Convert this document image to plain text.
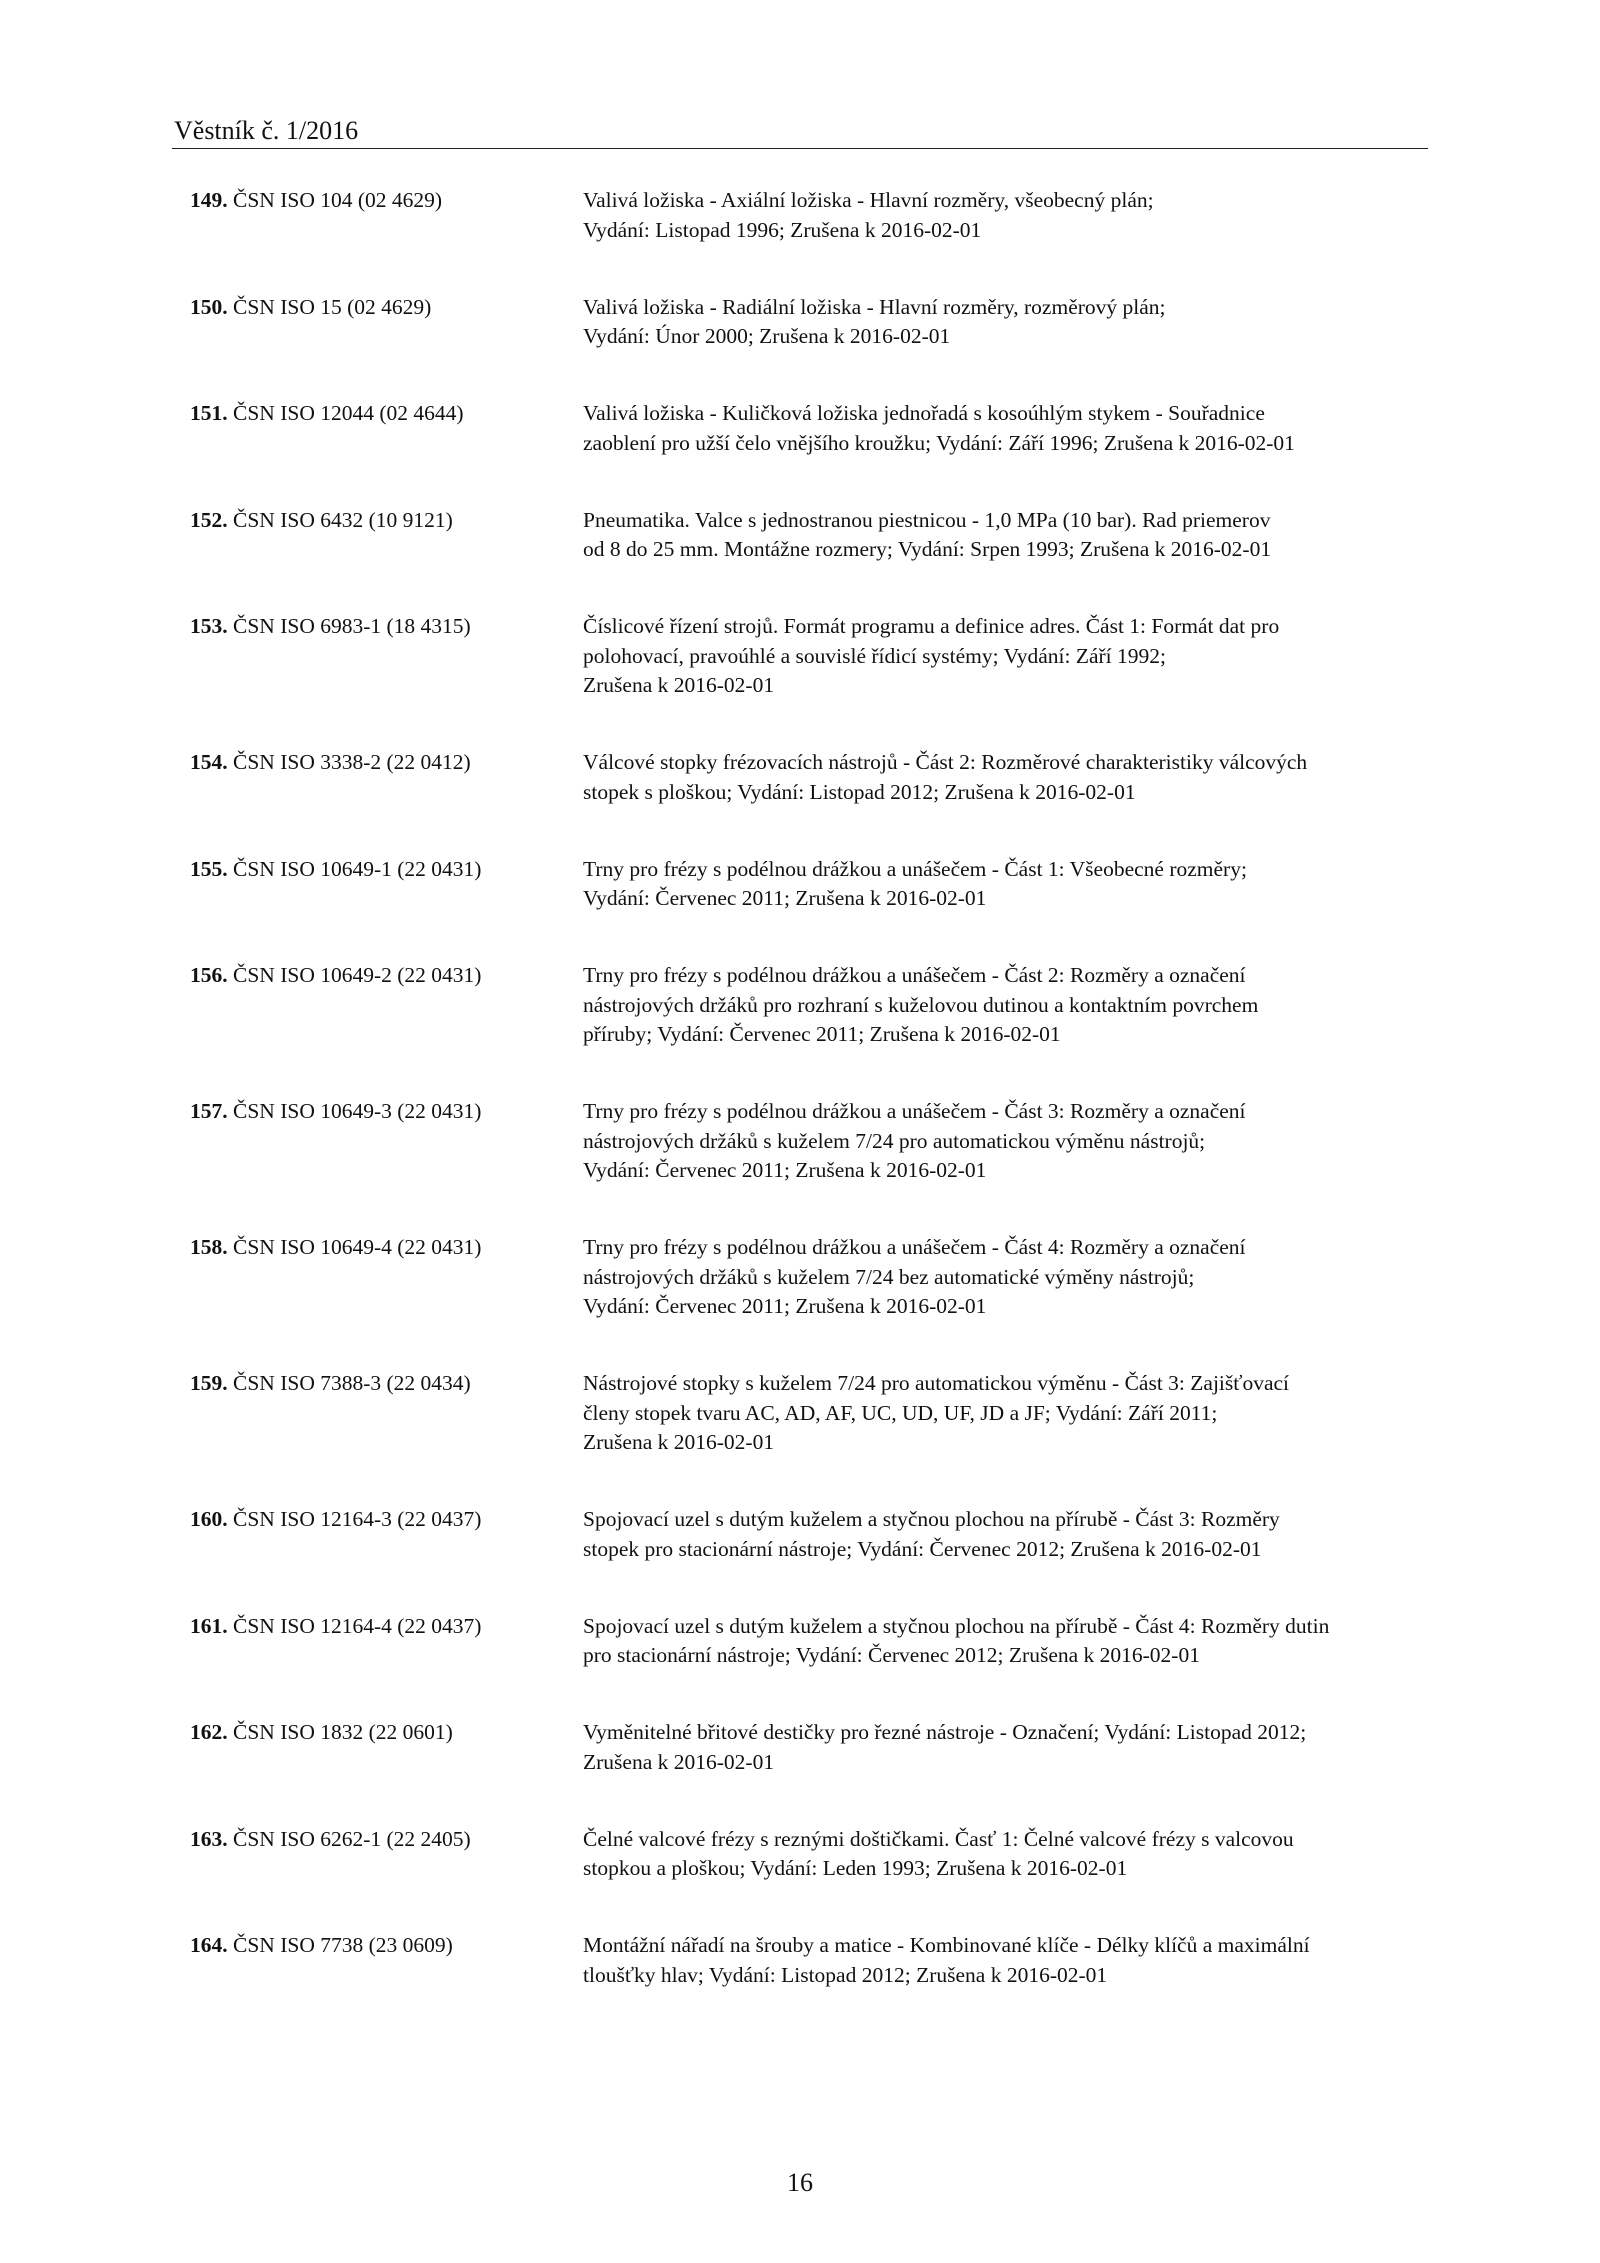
Věstník č. 1/2016
149. ČSN ISO 104 (02 4629)	Valivá ložiska - Axiální ložiska - Hlavní rozměry, všeobecný plán;
Vydání: Listopad 1996; Zrušena k 2016-02-01
150. ČSN ISO 15 (02 4629)	Valivá ložiska - Radiální ložiska - Hlavní rozměry, rozměrový plán;
Vydání: Únor 2000; Zrušena k 2016-02-01
151. ČSN ISO 12044 (02 4644)	Valivá ložiska - Kuličková ložiska jednořadá s kosoúhlým stykem - Souřadnice
zaoblení pro užší čelo vnějšího kroužku; Vydání: Září 1996; Zrušena k 2016-02-01
152. ČSN ISO 6432 (10 9121)	Pneumatika. Valce s jednostranou piestnicou - 1,0 MPa (10 bar). Rad priemerov
od 8 do 25 mm. Montážne rozmery; Vydání: Srpen 1993; Zrušena k 2016-02-01
153. ČSN ISO 6983-1 (18 4315)	Číslicové řízení strojů. Formát programu a definice adres. Část 1: Formát dat pro
polohovací, pravoúhlé a souvislé řídicí systémy; Vydání: Září 1992;
Zrušena k 2016-02-01
154. ČSN ISO 3338-2 (22 0412)	Válcové stopky frézovacích nástrojů - Část 2: Rozměrové charakteristiky válcových
stopek s ploškou; Vydání: Listopad 2012; Zrušena k 2016-02-01
155. ČSN ISO 10649-1 (22 0431)	Trny pro frézy s podélnou drážkou a unášečem - Část 1: Všeobecné rozměry;
Vydání: Červenec 2011; Zrušena k 2016-02-01
156. ČSN ISO 10649-2 (22 0431)	Trny pro frézy s podélnou drážkou a unášečem - Část 2: Rozměry a označení
nástrojových držáků pro rozhraní s kuželovou dutinou a kontaktním povrchem
příruby; Vydání: Červenec 2011; Zrušena k 2016-02-01
157. ČSN ISO 10649-3 (22 0431)	Trny pro frézy s podélnou drážkou a unášečem - Část 3: Rozměry a označení
nástrojových držáků s kuželem 7/24 pro automatickou výměnu nástrojů;
Vydání: Červenec 2011; Zrušena k 2016-02-01
158. ČSN ISO 10649-4 (22 0431)	Trny pro frézy s podélnou drážkou a unášečem - Část 4: Rozměry a označení
nástrojových držáků s kuželem 7/24 bez automatické výměny nástrojů;
Vydání: Červenec 2011; Zrušena k 2016-02-01
159. ČSN ISO 7388-3 (22 0434)	Nástrojové stopky s kuželem 7/24 pro automatickou výměnu - Část 3: Zajišťovací
členy stopek tvaru AC, AD, AF, UC, UD, UF, JD a JF; Vydání: Září 2011;
Zrušena k 2016-02-01
160. ČSN ISO 12164-3 (22 0437)	Spojovací uzel s dutým kuželem a styčnou plochou na přírubě - Část 3: Rozměry
stopek pro stacionární nástroje; Vydání: Červenec 2012; Zrušena k 2016-02-01
161. ČSN ISO 12164-4 (22 0437)	Spojovací uzel s dutým kuželem a styčnou plochou na přírubě - Část 4: Rozměry dutin
pro stacionární nástroje; Vydání: Červenec 2012; Zrušena k 2016-02-01
162. ČSN ISO 1832 (22 0601)	Vyměnitelné břitové destičky pro řezné nástroje - Označení; Vydání: Listopad 2012;
Zrušena k 2016-02-01
163. ČSN ISO 6262-1 (22 2405)	Čelné valcové frézy s reznými doštičkami. Časť 1: Čelné valcové frézy s valcovou
stopkou a ploškou; Vydání: Leden 1993; Zrušena k 2016-02-01
164. ČSN ISO 7738 (23 0609)	Montážní nářadí na šrouby a matice - Kombinované klíče - Délky klíčů a maximální
tloušťky hlav; Vydání: Listopad 2012; Zrušena k 2016-02-01
16
